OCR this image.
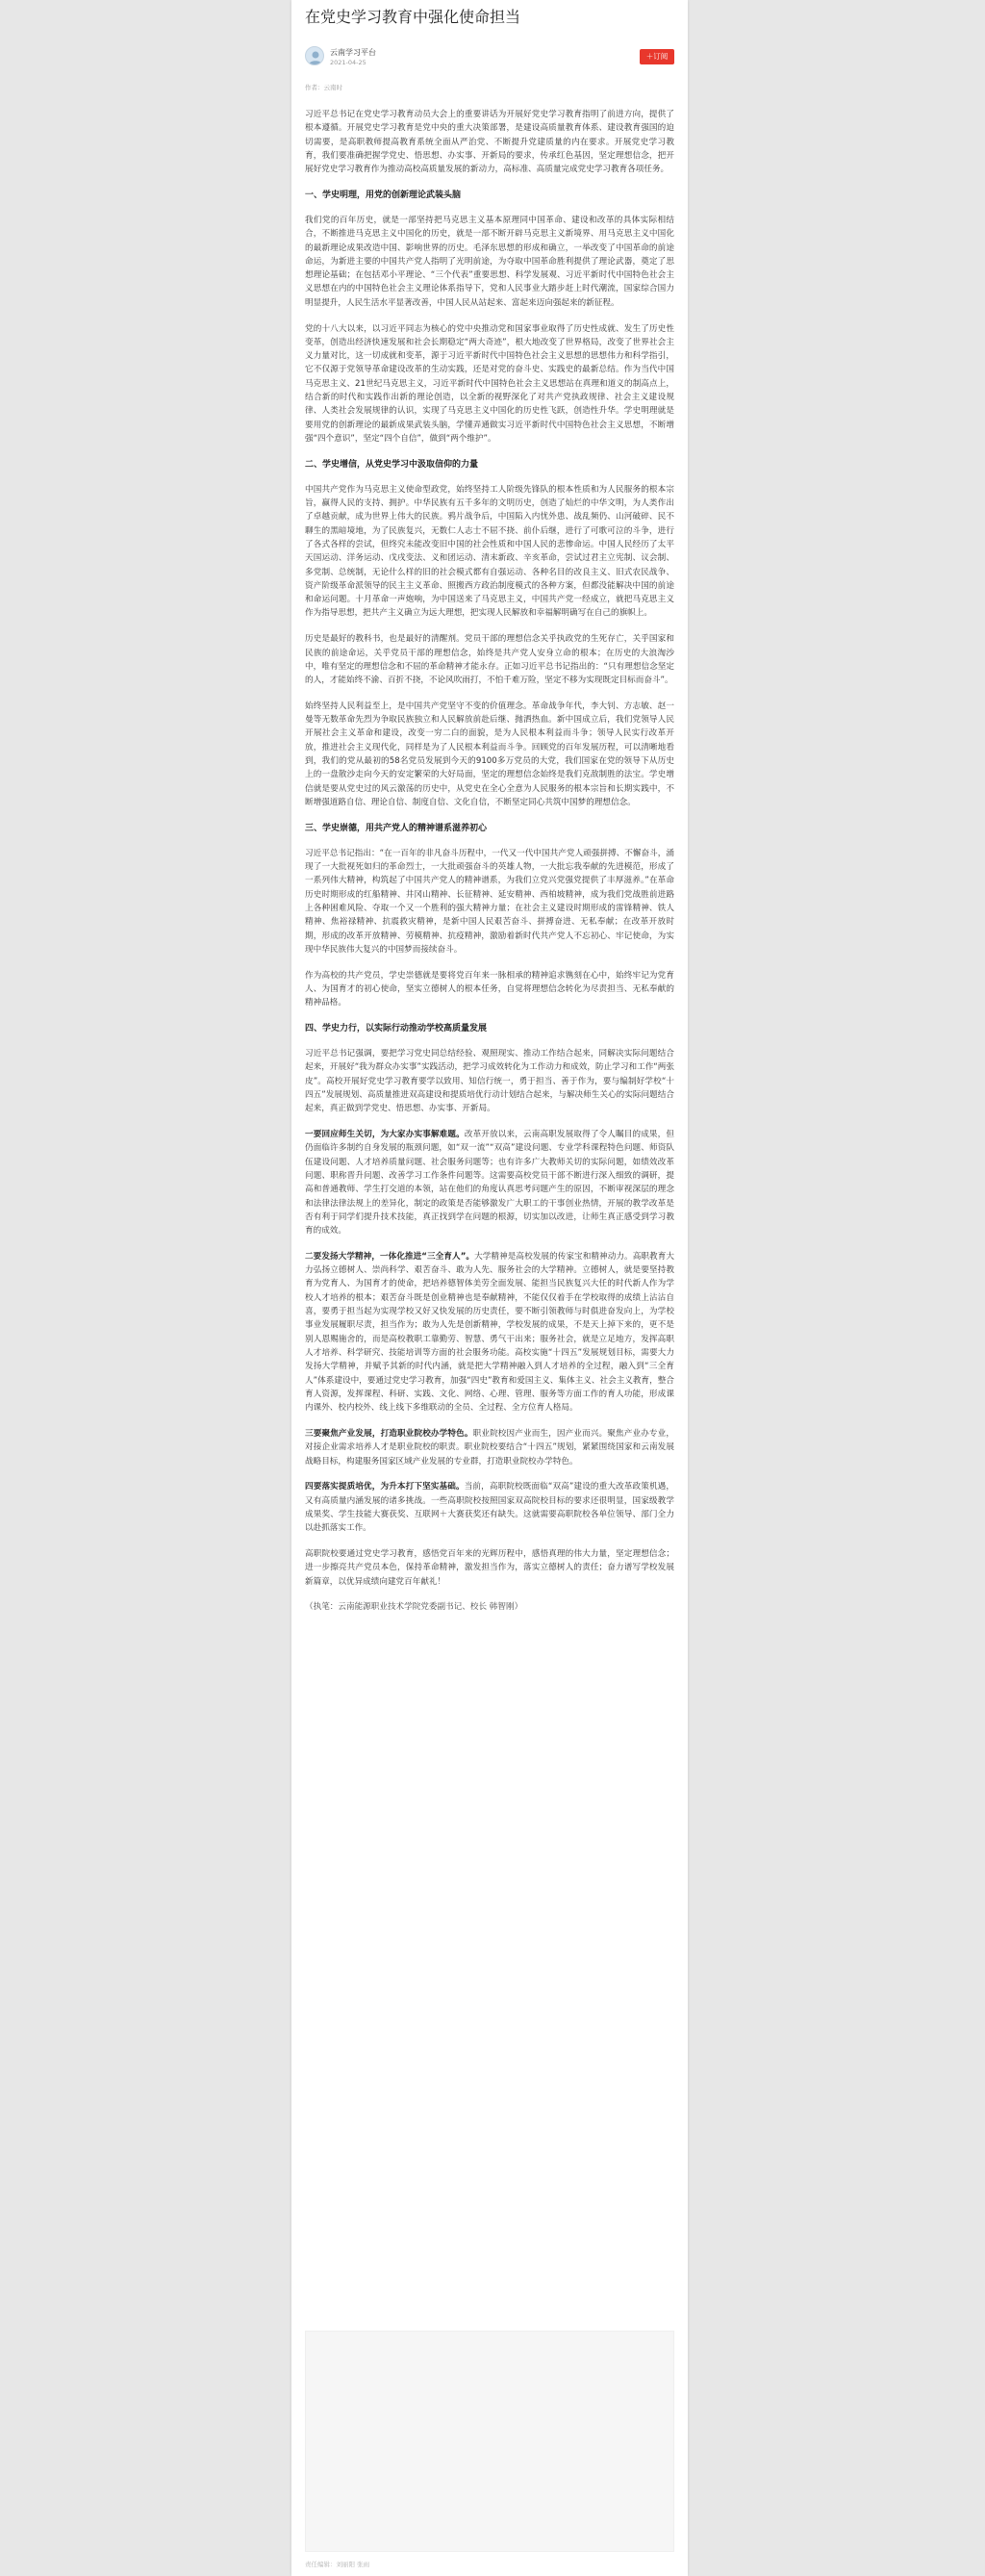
在党史学习教育中强化使命担当
云南学习平台
2021-04-25
＋订阅
作者：云南时

习近平总书记在党史学习教育动员大会上的重要讲话为开展好党史学习教育指明了前进方向，提供了根本遵循。开展党史学习教育是党中央的重大决策部署，是建设高质量教育体系、建设教育强国的迫切需要，是高职教师提高教育系统全面从严治党、不断提升党建质量的内在要求。开展党史学习教育，我们要准确把握学党史、悟思想、办实事、开新局的要求，传承红色基因，坚定理想信念，把开展好党史学习教育作为推动高校高质量发展的新动力，高标准、高质量完成党史学习教育各项任务。

一、学史明理，用党的创新理论武装头脑

我们党的百年历史，就是一部坚持把马克思主义基本原理同中国革命、建设和改革的具体实际相结合，不断推进马克思主义中国化的历史，就是一部不断开辟马克思主义新境界、用马克思主义中国化的最新理论成果改造中国、影响世界的历史。毛泽东思想的形成和确立，一举改变了中国革命的前途命运，为新进主要的中国共产党人指明了光明前途，为夺取中国革命胜利提供了理论武器，奠定了思想理论基础；在包括邓小平理论、“三个代表”重要思想、科学发展观、习近平新时代中国特色社会主义思想在内的中国特色社会主义理论体系指导下，党和人民事业大踏步赶上时代潮流，国家综合国力明显提升，人民生活水平显著改善，中国人民从站起来、富起来迈向强起来的新征程。

党的十八大以来，以习近平同志为核心的党中央推动党和国家事业取得了历史性成就、发生了历史性变革，创造出经济快速发展和社会长期稳定“两大奇迹”，根大地改变了世界格局，改变了世界社会主义力量对比，这一切成就和变革，源于习近平新时代中国特色社会主义思想的思想伟力和科学指引，它不仅源于党领导革命建设改革的生动实践，还是对党的奋斗史、实践史的最新总结。作为当代中国马克思主义、21世纪马克思主义，习近平新时代中国特色社会主义思想站在真理和道义的制高点上，结合新的时代和实践作出新的理论创造，以全新的视野深化了对共产党执政规律、社会主义建设规律、人类社会发展规律的认识，实现了马克思主义中国化的历史性飞跃，创造性升华。学史明理就是要用党的创新理论的最新成果武装头脑，学懂弄通做实习近平新时代中国特色社会主义思想，不断增强“四个意识”，坚定“四个自信”，做到“两个维护”。

二、学史增信，从党史学习中汲取信仰的力量

中国共产党作为马克思主义使命型政党，始终坚持工人阶级先锋队的根本性质和为人民服务的根本宗旨，赢得人民的支持、拥护。中华民族有五千多年的文明历史，创造了灿烂的中华文明，为人类作出了卓越贡献，成为世界上伟大的民族。鸦片战争后，中国陷入内忧外患、战乱频仍、山河破碎、民不聊生的黑暗境地，为了民族复兴，无数仁人志士不屈不挠、前仆后继，进行了可歌可泣的斗争，进行了各式各样的尝试，但终究未能改变旧中国的社会性质和中国人民的悲惨命运。中国人民经历了太平天国运动、洋务运动、戊戌变法、义和团运动、清末新政、辛亥革命，尝试过君主立宪制、议会制、多党制、总统制，无论什么样的旧的社会模式都有自强运动、各种名目的改良主义、旧式农民战争、资产阶级革命派领导的民主主义革命、照搬西方政治制度模式的各种方案，但都没能解决中国的前途和命运问题。十月革命一声炮响，为中国送来了马克思主义，中国共产党一经成立，就把马克思主义作为指导思想，把共产主义确立为远大理想，把实现人民解放和幸福解明确写在自己的旗帜上。

历史是最好的教科书，也是最好的清醒剂。党员干部的理想信念关乎执政党的生死存亡，关乎国家和民族的前途命运，关乎党员干部的理想信念，始终是共产党人安身立命的根本；在历史的大浪淘沙中，唯有坚定的理想信念和不屈的革命精神才能永存。正如习近平总书记指出的：“只有理想信念坚定的人，才能始终不渝、百折不挠，不论风吹雨打，不怕千难万险，坚定不移为实现既定目标而奋斗”。

始终坚持人民利益至上，是中国共产党坚守不变的价值理念。革命战争年代，李大钊、方志敏、赵一曼等无数革命先烈为争取民族独立和人民解放前赴后继、抛洒热血。新中国成立后，我们党领导人民开展社会主义革命和建设，改变一穷二白的面貌，是为人民根本利益而斗争；领导人民实行改革开放，推进社会主义现代化，同样是为了人民根本利益而斗争。回顾党的百年发展历程，可以清晰地看到，我们的党从最初的58名党员发展到今天的9100多万党员的大党，我们国家在党的领导下从历史上的一盘散沙走向今天的安定繁荣的大好局面，坚定的理想信念始终是我们克敌制胜的法宝。学史增信就是要从党史过的风云激荡的历史中，从党史在全心全意为人民服务的根本宗旨和长期实践中，不断增强道路自信、理论自信、制度自信、文化自信，不断坚定同心共筑中国梦的理想信念。

三、学史崇德，用共产党人的精神谱系滋养初心

习近平总书记指出：“在一百年的非凡奋斗历程中，一代又一代中国共产党人顽强拼搏、不懈奋斗，涌现了一大批视死如归的革命烈士，一大批顽强奋斗的英雄人物，一大批忘我奉献的先进模范，形成了一系列伟大精神，构筑起了中国共产党人的精神谱系，为我们立党兴党强党提供了丰厚滋养。”在革命历史时期形成的红船精神、井冈山精神、长征精神、延安精神、西柏坡精神，成为我们党战胜前进路上各种困难风险、夺取一个又一个胜利的强大精神力量；在社会主义建设时期形成的雷锋精神、铁人精神、焦裕禄精神、抗震救灾精神，是新中国人民艰苦奋斗、拼搏奋进、无私奉献；在改革开放时期，形成的改革开放精神、劳模精神、抗疫精神，激励着新时代共产党人不忘初心、牢记使命，为实现中华民族伟大复兴的中国梦而接续奋斗。

作为高校的共产党员，学史崇德就是要将党百年来一脉相承的精神追求镌刻在心中，始终牢记为党育人、为国育才的初心使命，坚实立德树人的根本任务，自觉将理想信念转化为尽责担当、无私奉献的精神品格。

四、学史力行，以实际行动推动学校高质量发展

习近平总书记强调，要把学习党史同总结经验、观照现实、推动工作结合起来，同解决实际问题结合起来，开展好“我为群众办实事”实践活动，把学习成效转化为工作动力和成效，防止学习和工作“两张皮”。高校开展好党史学习教育要学以致用、知信行统一，勇于担当、善于作为，要与编制好学校“十四五”发展规划、高质量推进双高建设和提质培优行动计划结合起来，与解决师生关心的实际问题结合起来，真正做到学党史、悟思想、办实事、开新局。

一要回应师生关切，为大家办实事解难题。改革开放以来，云南高职发展取得了令人瞩目的成果，但仍面临许多制约自身发展的瓶颈问题，如“双一流”“双高”建设问题、专业学科课程特色问题、师资队伍建设问题、人才培养质量问题、社会服务问题等；也有许多广大教师关切的实际问题，如绩效改革问题、职称晋升问题、改善学习工作条件问题等。这需要高校党员干部不断进行深入细致的调研，提高和普通教师、学生打交道的本领，站在他们的角度认真思考问题产生的原因，不断审视深层的理念和法律法律法规上的差异化，制定的政策是否能够激发广大职工的干事创业热情，开展的教学改革是否有利于同学们提升技术技能，真正找到学在问题的根源，切实加以改进，让师生真正感受到学习教育的成效。

二要发扬大学精神，一体化推进“三全育人”。大学精神是高校发展的传家宝和精神动力。高职教育大力弘扬立德树人、崇尚科学、艰苦奋斗、敢为人先、服务社会的大学精神。立德树人，就是要坚持教育为党育人、为国育才的使命，把培养德智体美劳全面发展、能担当民族复兴大任的时代新人作为学校人才培养的根本；艰苦奋斗既是创业精神也是奉献精神，不能仅仅着手在学校取得的成绩上沾沾自喜，要勇于担当起为实现学校又好又快发展的历史责任，要不断引领教师与时俱进奋发向上，为学校事业发展履职尽责，担当作为；敢为人先是创新精神，学校发展的成果，不是天上掉下来的，更不是别人恩赐施舍的，而是高校教职工靠勤劳、智慧、勇气干出来；服务社会，就是立足地方，发挥高职人才培养、科学研究、技能培训等方面的社会服务功能。高校实施“十四五”发展规划目标，需要大力发扬大学精神，并赋予其新的时代内涵，就是把大学精神融入到人才培养的全过程，融入到“三全育人”体系建设中，要通过党史学习教育，加强“四史”教育和爱国主义、集体主义、社会主义教育，整合育人资源，发挥课程、科研、实践、文化、网络、心理、管理、服务等方面工作的育人功能，形成课内课外、校内校外、线上线下多维联动的全员、全过程、全方位育人格局。

三要聚焦产业发展，打造职业院校办学特色。职业院校因产业而生，因产业而兴。聚焦产业办专业，对接企业需求培养人才是职业院校的职责。职业院校要结合“十四五”规划，紧紧围绕国家和云南发展战略目标，构建服务国家区域产业发展的专业群，打造职业院校办学特色。

四要落实提质培优，为升本打下坚实基础。当前，高职院校既面临“双高”建设的重大改革政策机遇，又有高质量内涵发展的诸多挑战。一些高职院校按照国家双高院校目标的要求还很明显，国家级教学成果奖、学生技能大赛获奖、互联网＋大赛获奖还有缺失。这就需要高职院校各单位领导、部门全力以赴抓落实工作。

高职院校要通过党史学习教育，感悟党百年来的光辉历程中，感悟真理的伟大力量，坚定理想信念；进一步擦亮共产党员本色，保持革命精神，激发担当作为，落实立德树人的责任；奋力谱写学校发展新篇章，以优异成绩向建党百年献礼！

（执笔：云南能源职业技术学院党委副书记、校长 韩智刚）

责任编辑：刘丽阳 张雨
